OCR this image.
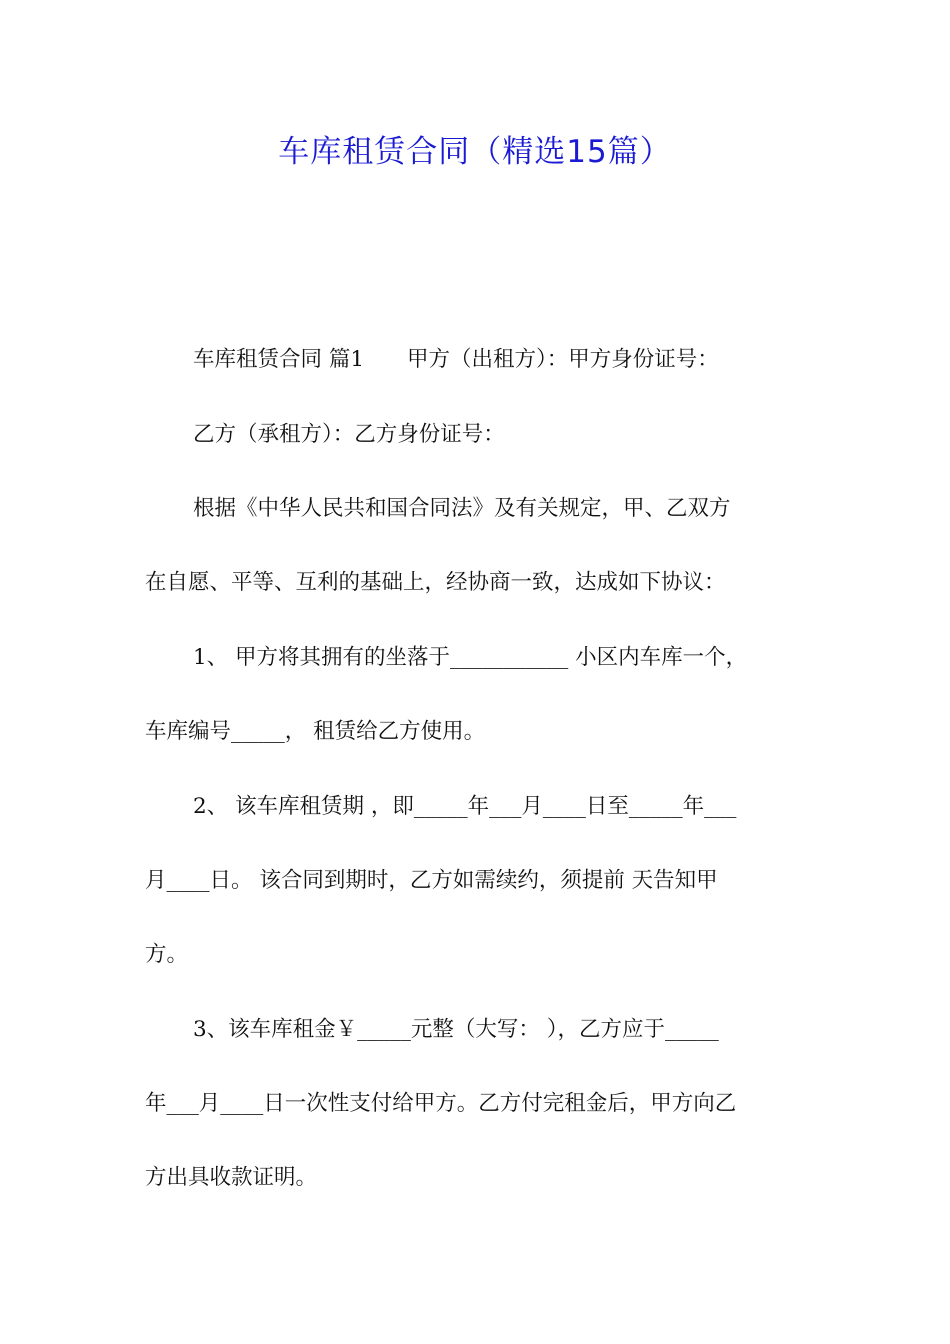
车库租赁合同（精选15篇）
车库租赁合同 篇1　　甲方（出租方）：甲方身份证号：
乙方（承租方）：乙方身份证号：
根据《中华人民共和国合同法》及有关规定，甲、乙双方
在自愿、平等、互利的基础上，经协商一致，达成如下协议：
1、 甲方将其拥有的坐落于___________ 小区内车库一个，
车库编号_____， 租赁给乙方使用。
2、 该车库租赁期 ，即_____年___月____日至_____年___
月____日。 该合同到期时，乙方如需续约，须提前 天告知甲
方。
3、该车库租金￥_____元整（大写： ），乙方应于_____
年___月____日一次性支付给甲方。乙方付完租金后，甲方向乙
方出具收款证明。
